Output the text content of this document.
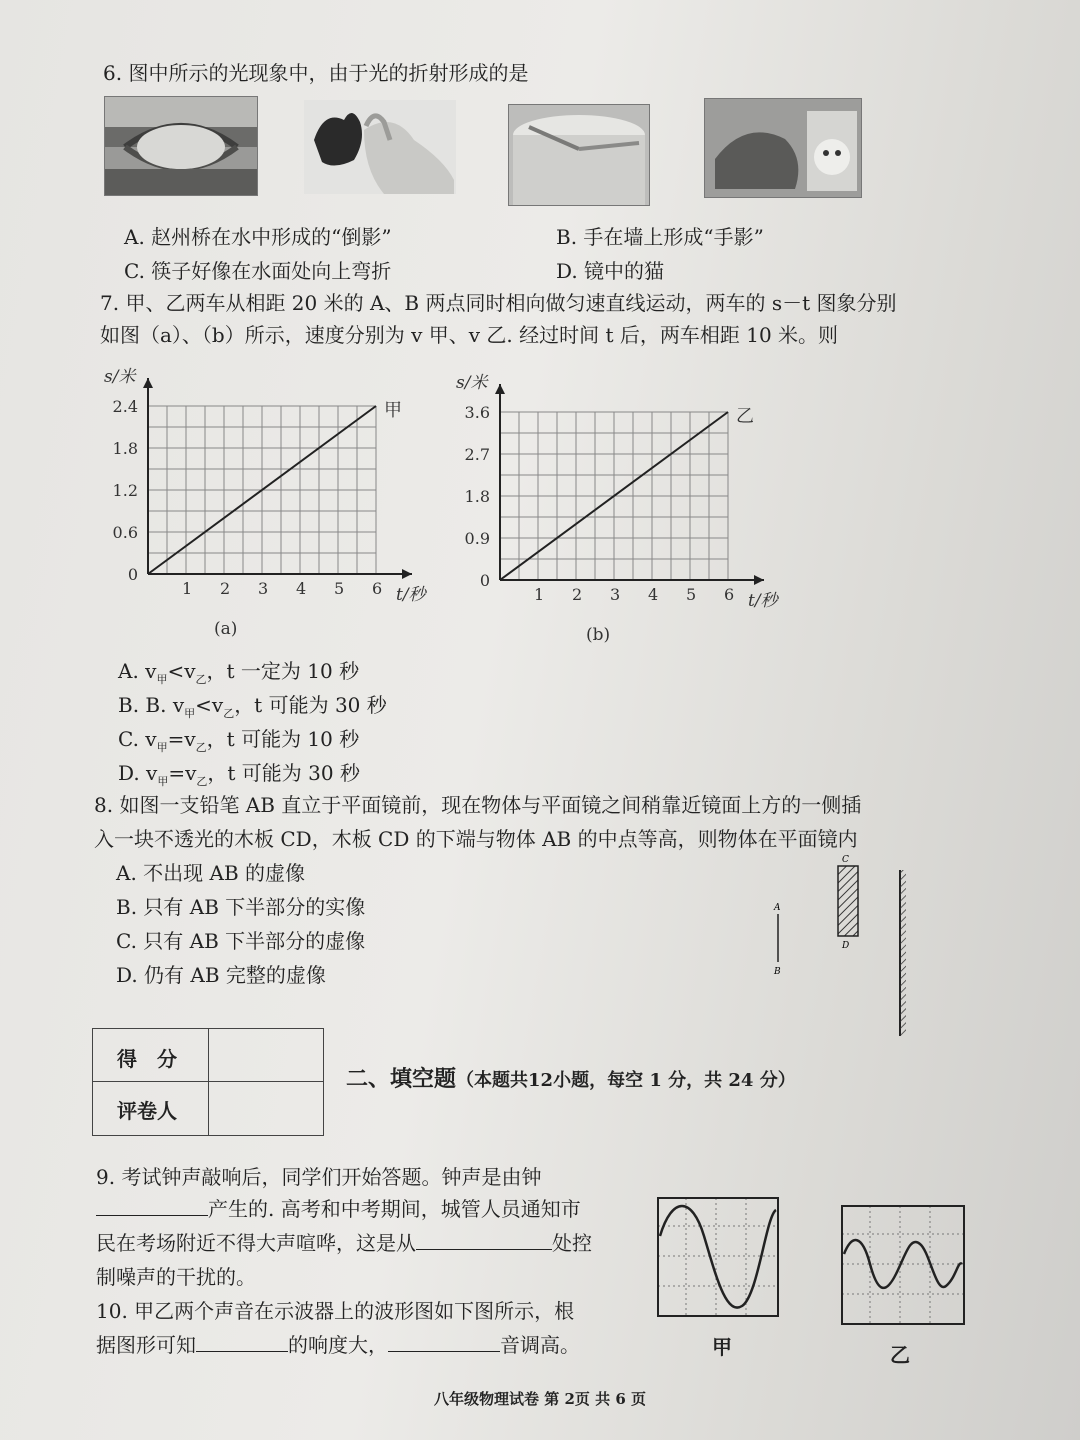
6. 图中所示的光现象中，由于光的折射形成的是
A. 赵州桥在水中形成的“倒影”	B. 手在墙上形成“手影”
C. 筷子好像在水面处向上弯折	D. 镜中的猫
7. 甲、乙两车从相距 20 米的 A、B 两点同时相向做匀速直线运动，两车的 s－t 图象分别
如图（a）、（b）所示，速度分别为 v 甲、v 乙. 经过时间 t 后，两车相距 10 米。则
1 2 3 4 5 6
0
0.6
1.2
1.8
2.4
t/秒
s/米
甲
(a)
1 2 3 4 5 6
0
0.9
1.8
2.7
3.6
t/秒
s/米
乙
(b)
A. $v_甲<v_乙$，t 一定为 10 秒
B. B. $v_甲<v_乙$，t 可能为 30 秒
C. $v_甲=v_乙$，t 可能为 10 秒
D. $v_甲=v_乙$，t 可能为 30 秒
8. 如图一支铅笔 AB 直立于平面镜前，现在物体与平面镜之间稍靠近镜面上方的一侧插
入一块不透光的木板 CD，木板 CD 的下端与物体 AB 的中点等高，则物体在平面镜内
A. 不出现 AB 的虚像
B. 只有 AB 下半部分的实像
C. 只有 AB 下半部分的虚像
D. 仍有 AB 完整的虚像
A
B
C
D
得　分
评卷人
二、填空题（本题共12小题，每空 1 分，共 24 分）
9. 考试钟声敲响后，同学们开始答题。钟声是由钟
产生的. 高考和中考期间，城管人员通知市
民在考场附近不得大声喧哗，这是从	处控
制噪声的干扰的。
10. 甲乙两个声音在示波器上的波形图如下图所示，根
据图形可知	的响度大，	音调高。	甲	乙
八年级物理试卷 第 2页 共 6 页
